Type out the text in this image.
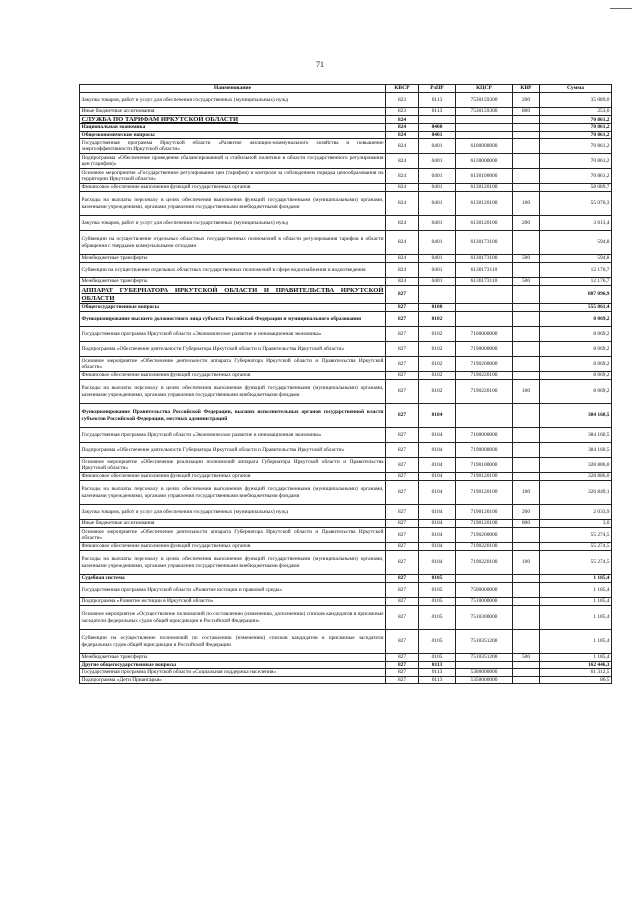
71
Наименование	КВСР	РзПР	КЦСР	КВР	Сумма
Закупка товаров, работ и услуг для обеспечения государственных (муниципальных) нужд	823	0113	7530159300	200	35 089,0
Иные бюджетные ассигнования	823	0113	7530159300	800	253,0
СЛУЖБА ПО ТАРИФАМ ИРКУТСКОЙ ОБЛАСТИ	824				70 861,2
Национальная экономика	824	0400			70 861,2
Общеэкономические вопросы	824	0401			70 861,2
Государственная программа Иркутской области «Развитие жилищно-коммунального хозяйства и повышение энергоэффективности Иркутской области»	824	0401	6100000000		70 861,2
Подпрограмма «Обеспечение проведения сбалансированной и стабильной политики в области государственного регулирования цен (тарифов)»	824	0401	6130000000		70 861,2
Основное мероприятие «Государственное регулирование цен (тарифов) и контроля за соблюдением порядка ценообразования на территории Иркутской области»	824	0401	6130100000		70 861,2
Финансовое обеспечение выполнения функций государственных органов	824	0401	6130120100		58 089,7
Расходы на выплаты персоналу в целях обеспечения выполнения функций государственными (муниципальными) органами, казенными учреждениями, органами управления государственными внебюджетными фондами	824	0401	6130120100	100	55 076,3
Закупка товаров, работ и услуг для обеспечения государственных (муниципальных) нужд	824	0401	6130120100	200	3 013,4
Субвенции на осуществление отдельных областных государственных полномочий в области регулирования тарифов в области обращения с твердыми коммунальными отходами	824	0401	6130173100		594,8
Межбюджетные трансферты	824	0401	6130173100	500	594,8
Субвенции на осуществление отдельных областных государственных полномочий в сфере водоснабжения и водоотведения	824	0401	6130173110		12 176,7
Межбюджетные трансферты	824	0401	6130173110	500	12 176,7
АППАРАТ ГУБЕРНАТОРА ИРКУТСКОЙ ОБЛАСТИ И ПРАВИТЕЛЬСТВА ИРКУТСКОЙ ОБЛАСТИ	827				807 096,9
Общегосударственные вопросы	827	0100			555 861,4
Функционирование высшего должностного лица субъекта Российской Федерации и муниципального образования	827	0102			8 069,2
Государственная программа Иркутской области «Экономическое развитие и инновационная экономика»	827	0102	7100000000		8 069,2
Подпрограмма «Обеспечение деятельности Губернатора Иркутской области и Правительства Иркутской области»	827	0102	7190000000		8 069,2
Основное мероприятие «Обеспечение деятельности аппарата Губернатора Иркутской области и Правительства Иркутской области»	827	0102	7190200000		8 069,2
Финансовое обеспечение выполнения функций государственных органов	827	0102	7190220100		8 069,2
Расходы на выплаты персоналу в целях обеспечения выполнения функций государственными (муниципальными) органами, казенными учреждениями, органами управления государственными внебюджетными фондами	827	0102	7190220100	100	8 069,2
Функционирование Правительства Российской Федерации, высших исполнительных органов государственной власти субъектов Российской Федерации, местных администраций	827	0104			384 160,5
Государственная программа Иркутской области «Экономическое развитие и инновационная экономика»	827	0104	7100000000		384 160,5
Подпрограмма «Обеспечение деятельности Губернатора Иркутской области и Правительства Иркутской области»	827	0104	7190000000		384 160,5
Основное мероприятие «Обеспечение реализации полномочий аппарата Губернатора Иркутской области и Правительства Иркутской области»	827	0104	7190100000		328 886,0
Финансовое обеспечение выполнения функций государственных органов	827	0104	7190120100		328 886,0
Расходы на выплаты персоналу в целях обеспечения выполнения функций государственными (муниципальными) органами, казенными учреждениями, органами управления государственными внебюджетными фондами	827	0104	7190120100	100	326 849,1
Закупка товаров, работ и услуг для обеспечения государственных (муниципальных) нужд	827	0104	7190120100	200	2 033,9
Иные бюджетные ассигнования	827	0104	7190120100	800	3,0
Основное мероприятие «Обеспечение деятельности аппарата Губернатора Иркутской области и Правительства Иркутской области»	827	0104	7190200000		55 274,5
Финансовое обеспечение выполнения функций государственных органов	827	0104	7190220100		55 274,5
Расходы на выплаты персоналу в целях обеспечения выполнения функций государственными (муниципальными) органами, казенными учреждениями, органами управления государственными внебюджетными фондами	827	0104	7190220100	100	55 274,5
Судебная система	827	0105			1 185,4
Государственная программа Иркутской области «Развитие юстиции и правовой среды»	827	0105	7500000000		1 185,4
Подпрограмма «Развитие юстиции в Иркутской области»	827	0105	7510000000		1 185,4
Основное мероприятие «Осуществление полномочий по составлению (изменению, дополнению) списков кандидатов в присяжные заседатели федеральных судов общей юрисдикции в Российской Федерации»	827	0105	7510300000		1 185,4
Субвенции на осуществление полномочий по составлению (изменению) списков кандидатов в присяжные заседатели федеральных судов общей юрисдикции в Российской Федерации	827	0105	7510351200		1 185,4
Межбюджетные трансферты	827	0105	7510351200	500	1 185,4
Другие общегосударственные вопросы	827	0113			162 446,3
Государственная программа Иркутской области «Социальная поддержка населения»	827	0113	5300000000		61 312,5
Подпрограмма «Дети Приангарья»	827	0113	5350000000		86,5
